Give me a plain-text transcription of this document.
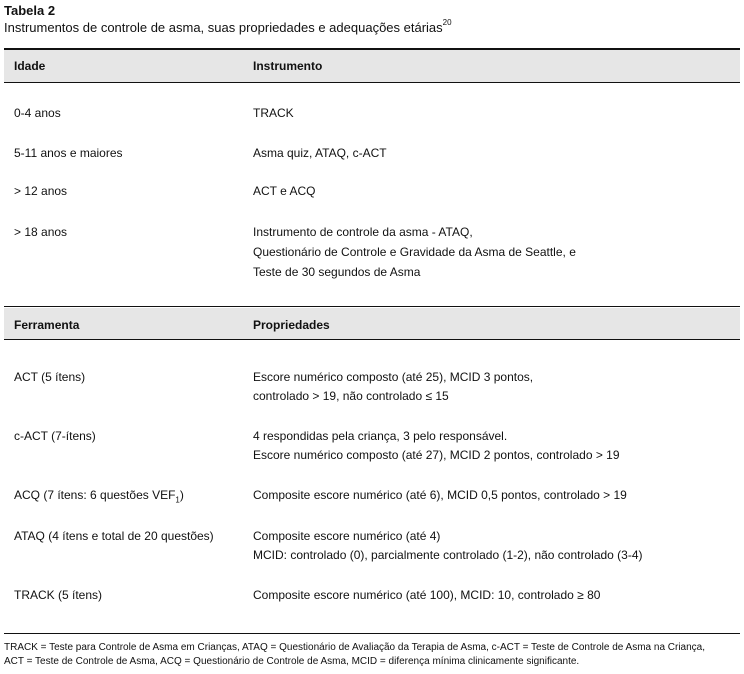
Tabela 2
Instrumentos de controle de asma, suas propriedades e adequações etárias$^{20}$
Idade	Instrumento
0-4 anos	TRACK
5-11 anos e maiores	Asma quiz, ATAQ, c-ACT
> 12 anos	ACT e ACQ
> 18 anos	Instrumento de controle da asma - ATAQ,
Questionário de Controle e Gravidade da Asma de Seattle, e
Teste de 30 segundos de Asma
Ferramenta	Propriedades
ACT (5 ítens)	Escore numérico composto (até 25), MCID 3 pontos,
controlado > 19, não controlado ≤ 15
c-ACT (7-ítens)	4 respondidas pela criança, 3 pelo responsável.
Escore numérico composto (até 27), MCID 2 pontos, controlado > 19
ACQ (7 ítens: 6 questões $VEF_1$)	Composite escore numérico (até 6), MCID 0,5 pontos, controlado > 19
ATAQ (4 ítens e total de 20 questões)	Composite escore numérico (até 4)
MCID: controlado (0), parcialmente controlado (1-2), não controlado (3-4)
TRACK (5 ítens)	Composite escore numérico (até 100), MCID: 10, controlado ≥ 80
TRACK = Teste para Controle de Asma em Crianças, ATAQ = Questionário de Avaliação da Terapia de Asma, c-ACT = Teste de Controle de Asma na Criança,
ACT = Teste de Controle de Asma, ACQ = Questionário de Controle de Asma, MCID = diferença mínima clinicamente significante.
